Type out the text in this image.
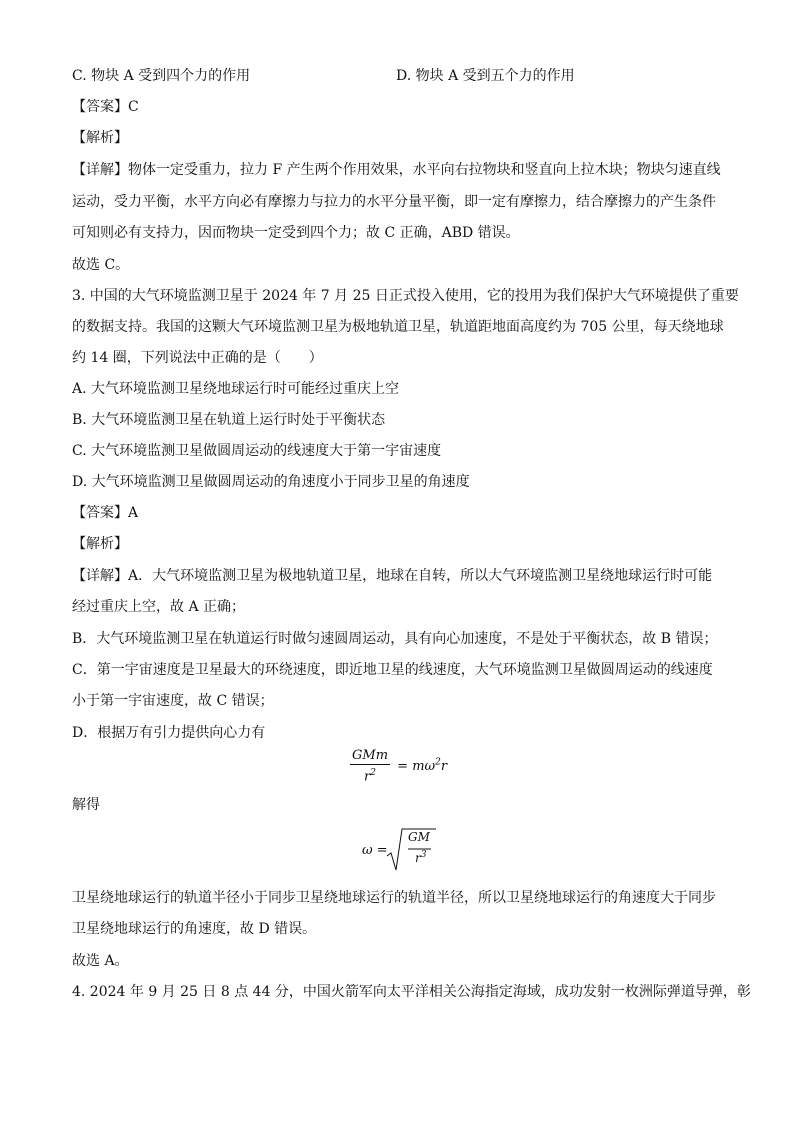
C. 物块 A 受到四个力的作用	D. 物块 A 受到五个力的作用
【答案】C
【解析】
【详解】物体一定受重力，拉力 F 产生两个作用效果，水平向右拉物块和竖直向上拉木块；物块匀速直线
运动，受力平衡，水平方向必有摩擦力与拉力的水平分量平衡，即一定有摩擦力，结合摩擦力的产生条件
可知则必有支持力，因而物块一定受到四个力；故 C 正确，ABD 错误。
故选 C。
3. 中国的大气环境监测卫星于 2024 年 7 月 25 日正式投入使用，它的投用为我们保护大气环境提供了重要
的数据支持。我国的这颗大气环境监测卫星为极地轨道卫星，轨道距地面高度约为 705 公里，每天绕地球
约 14 圈，下列说法中正确的是（　　）
A. 大气环境监测卫星绕地球运行时可能经过重庆上空
B. 大气环境监测卫星在轨道上运行时处于平衡状态
C. 大气环境监测卫星做圆周运动的线速度大于第一宇宙速度
D. 大气环境监测卫星做圆周运动的角速度小于同步卫星的角速度
【答案】A
【解析】
【详解】A．大气环境监测卫星为极地轨道卫星，地球在自转，所以大气环境监测卫星绕地球运行时可能
经过重庆上空，故 A 正确；
B．大气环境监测卫星在轨道运行时做匀速圆周运动，具有向心加速度，不是处于平衡状态，故 B 错误；
C．第一宇宙速度是卫星最大的环绕速度，即近地卫星的线速度，大气环境监测卫星做圆周运动的线速度
小于第一宇宙速度，故 C 错误；
D．根据万有引力提供向心力有
$\frac{\text{GMm}}{r^2} = m\omega^2r$
解得
ω =
GM
$r^3$
卫星绕地球运行的轨道半径小于同步卫星绕地球运行的轨道半径，所以卫星绕地球运行的角速度大于同步
卫星绕地球运行的角速度，故 D 错误。
故选 A。
4. 2024 年 9 月 25 日 8 点 44 分，中国火箭军向太平洋相关公海指定海域，成功发射一枚洲际弹道导弹，彰
